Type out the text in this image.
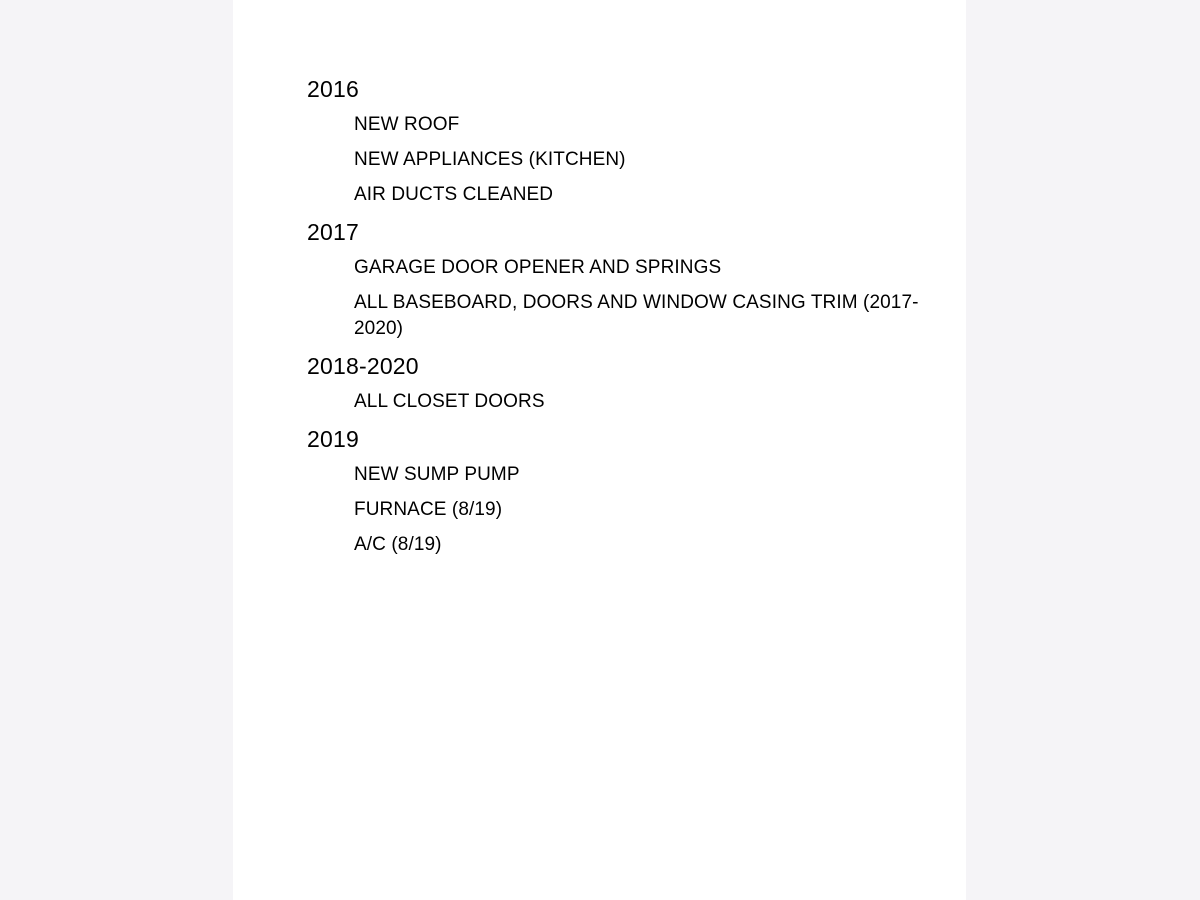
2016
NEW ROOF
NEW APPLIANCES (KITCHEN)
AIR DUCTS CLEANED
2017
GARAGE DOOR OPENER AND SPRINGS
ALL BASEBOARD, DOORS AND WINDOW CASING TRIM (2017-2020)
2018-2020
ALL CLOSET DOORS
2019
NEW SUMP PUMP
FURNACE (8/19)
A/C (8/19)
